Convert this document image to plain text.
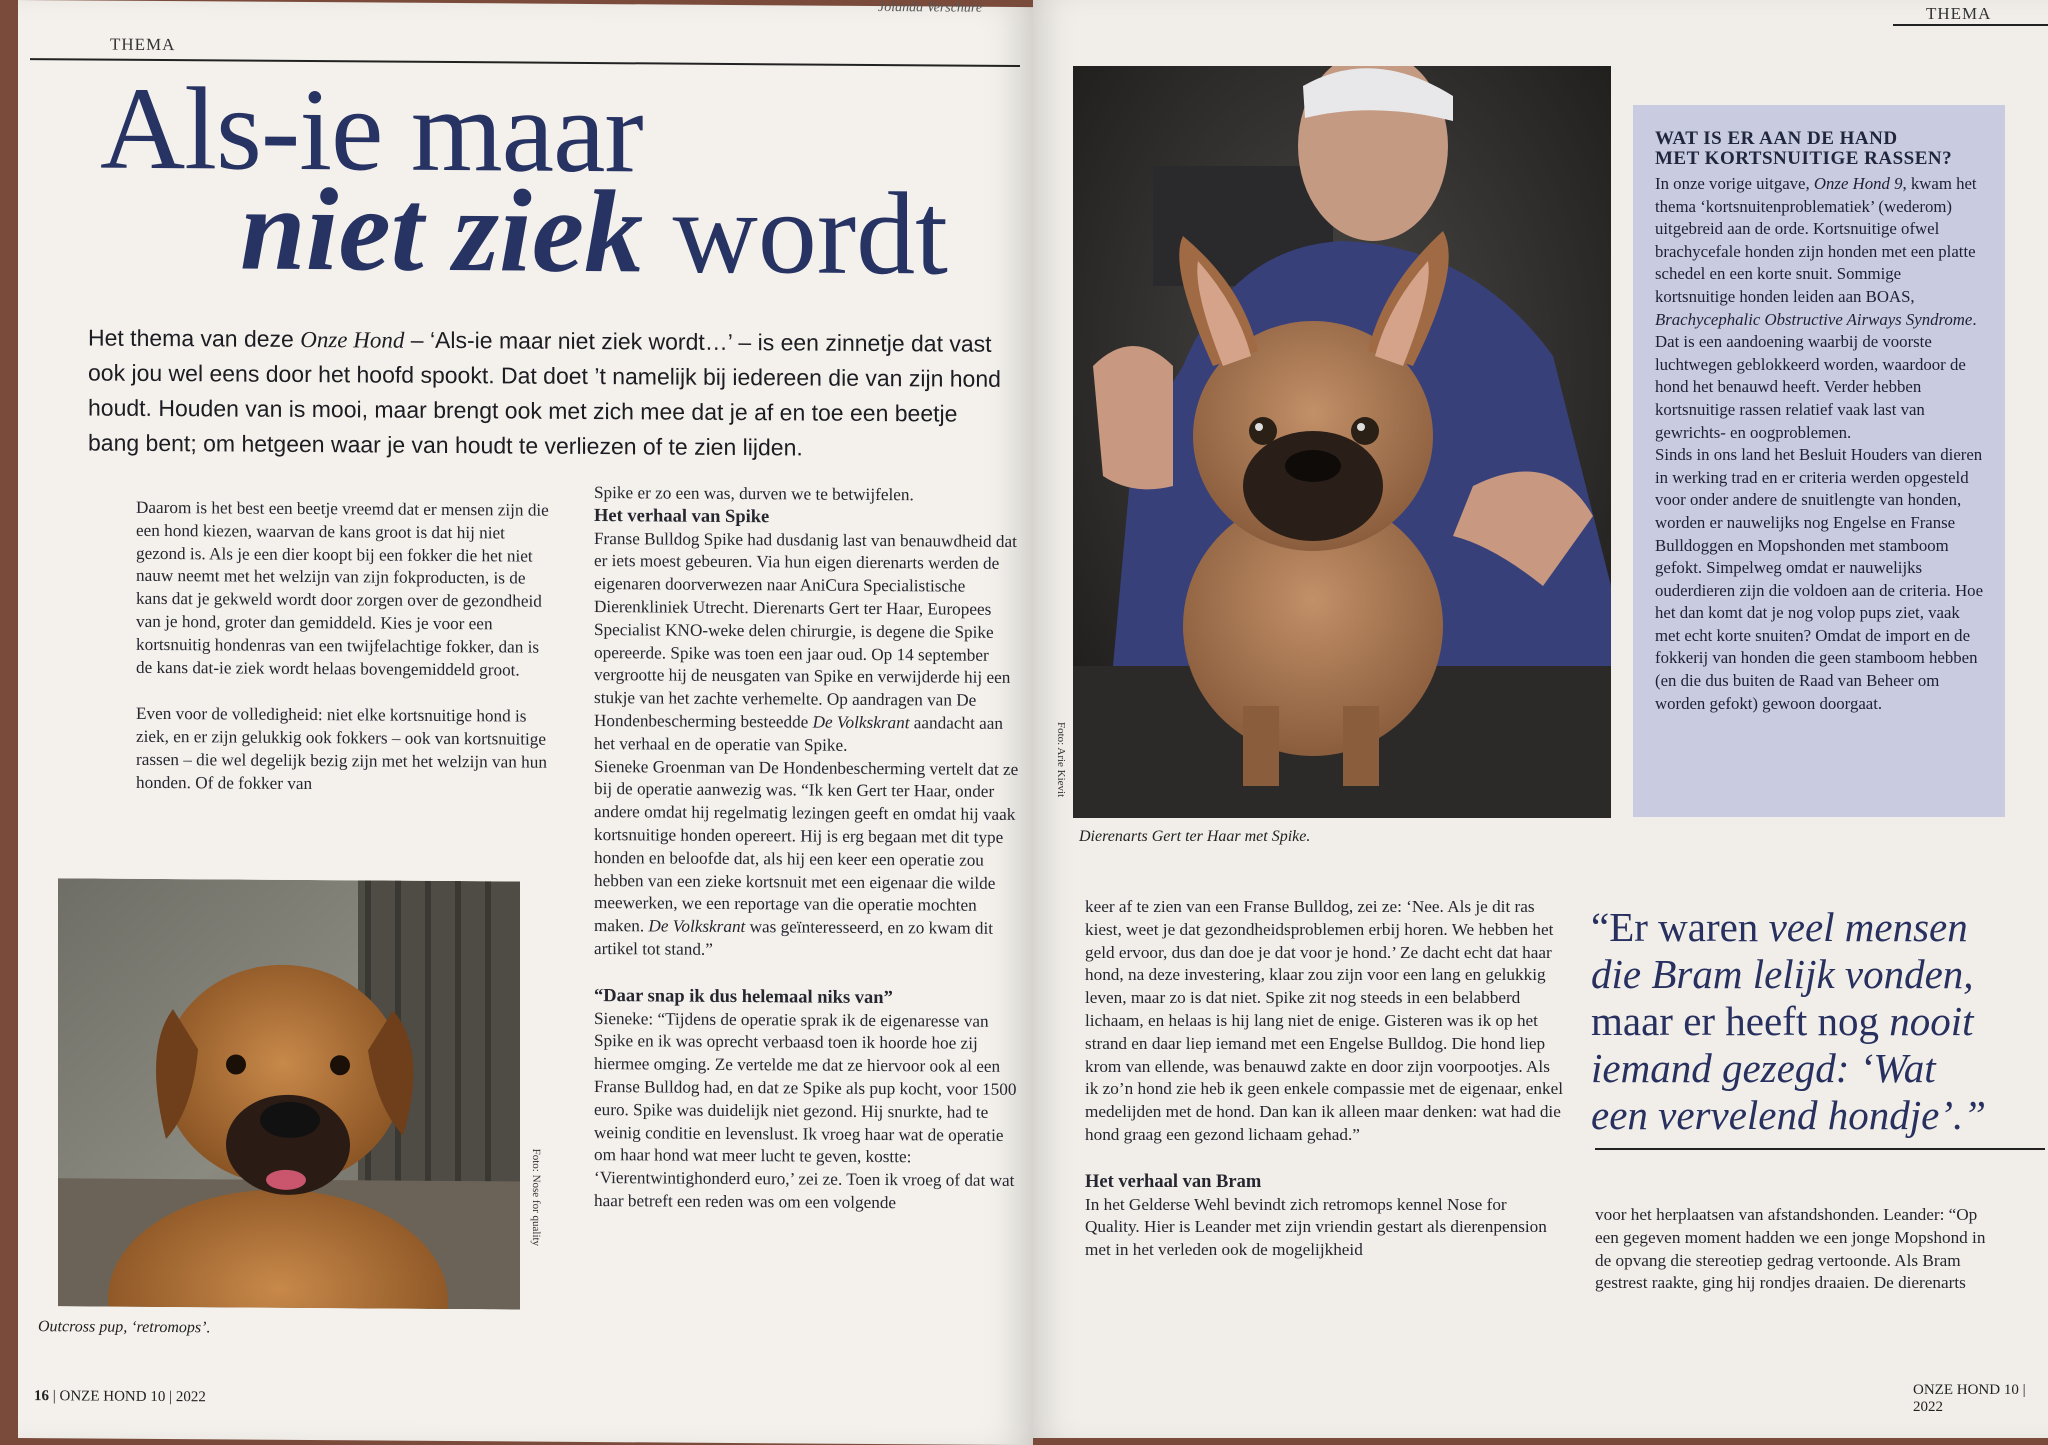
THEMA
Jolanda Verschure
Als-ie maar
niet ziek wordt
Het thema van deze Onze Hond – ‘Als-ie maar niet ziek wordt…’ – is een zinnetje dat vast ook jou wel eens door het hoofd spookt. Dat doet ’t namelijk bij iedereen die van zijn hond houdt. Houden van is mooi, maar brengt ook met zich mee dat je af en toe een beetje bang bent; om hetgeen waar je van houdt te verliezen of te zien lijden.

Daarom is het best een beetje vreemd dat er mensen zijn die een hond kiezen, waarvan de kans groot is dat hij niet gezond is. Als je een dier koopt bij een fokker die het niet nauw neemt met het welzijn van zijn fokproducten, is de kans dat je gekweld wordt door zorgen over de gezondheid van je hond, groter dan gemiddeld. Kies je voor een kortsnuitig hondenras van een twijfelachtige fokker, dan is de kans dat-ie ziek wordt helaas bovengemiddeld groot.

Even voor de volledigheid: niet elke kortsnuitige hond is ziek, en er zijn gelukkig ook fokkers – ook van kortsnuitige rassen – die wel degelijk bezig zijn met het welzijn van hun honden. Of de fokker van

Foto: Nose for quality
Outcross pup, ‘retromops’.

Spike er zo een was, durven we te betwijfelen.

Het verhaal van Spike

Franse Bulldog Spike had dusdanig last van benauwdheid dat er iets moest gebeuren. Via hun eigen dierenarts werden de eigenaren doorverwezen naar AniCura Specialistische Dierenkliniek Utrecht. Dierenarts Gert ter Haar, Europees Specialist KNO-weke delen chirurgie, is degene die Spike opereerde. Spike was toen een jaar oud. Op 14 september vergrootte hij de neusgaten van Spike en verwijderde hij een stukje van het zachte verhemelte. Op aandragen van De Hondenbescherming besteedde De Volkskrant aandacht aan het verhaal en de operatie van Spike.

Sieneke Groenman van De Hondenbescherming vertelt dat ze bij de operatie aanwezig was. “Ik ken Gert ter Haar, onder andere omdat hij regelmatig lezingen geeft en omdat hij vaak kortsnuitige honden opereert. Hij is erg begaan met dit type honden en beloofde dat, als hij een keer een operatie zou hebben van een zieke kortsnuit met een eigenaar die wilde meewerken, we een reportage van die operatie mochten maken. De Volkskrant was geïnteresseerd, en zo kwam dit artikel tot stand.”

“Daar snap ik dus helemaal niks van”

Sieneke: “Tijdens de operatie sprak ik de eigenaresse van Spike en ik was oprecht verbaasd toen ik hoorde hoe zij hiermee omging. Ze vertelde me dat ze hiervoor ook al een Franse Bulldog had, en dat ze Spike als pup kocht, voor 1500 euro. Spike was duidelijk niet gezond. Hij snurkte, had te weinig conditie en levenslust. Ik vroeg haar wat de operatie om haar hond wat meer lucht te geven, kostte: ‘Vierentwintighonderd euro,’ zei ze. Toen ik vroeg of dat wat haar betreft een reden was om een volgende

16 | ONZE HOND 10 | 2022
THEMA
Foto: Arie Kievit
Dierenarts Gert ter Haar met Spike.
WAT IS ER AAN DE HAND
MET KORTSNUITIGE RASSEN?

In onze vorige uitgave, Onze Hond 9, kwam het thema ‘kortsnuitenproblematiek’ (wederom) uitgebreid aan de orde. Kortsnuitige ofwel brachycefale honden zijn honden met een platte schedel en een korte snuit. Sommige kortsnuitige honden leiden aan BOAS, Brachycephalic Obstructive Airways Syndrome. Dat is een aandoening waarbij de voorste luchtwegen geblokkeerd worden, waardoor de hond het benauwd heeft. Verder hebben kortsnuitige rassen relatief vaak last van gewrichts- en oogproblemen.

Sinds in ons land het Besluit Houders van dieren in werking trad en er criteria werden opgesteld voor onder andere de snuitlengte van honden, worden er nauwelijks nog Engelse en Franse Bulldoggen en Mopshonden met stamboom gefokt. Simpelweg omdat er nauwelijks ouderdieren zijn die voldoen aan de criteria. Hoe het dan komt dat je nog volop pups ziet, vaak met echt korte snuiten? Omdat de import en de fokkerij van honden die geen stamboom hebben (en die dus buiten de Raad van Beheer om worden gefokt) gewoon doorgaat.

keer af te zien van een Franse Bulldog, zei ze: ‘Nee. Als je dit ras kiest, weet je dat gezondheidsproblemen erbij horen. We hebben het geld ervoor, dus dan doe je dat voor je hond.’ Ze dacht echt dat haar hond, na deze investering, klaar zou zijn voor een lang en gelukkig leven, maar zo is dat niet. Spike zit nog steeds in een belabberd lichaam, en helaas is hij lang niet de enige. Gisteren was ik op het strand en daar liep iemand met een Engelse Bulldog. Die hond liep krom van ellende, was benauwd zakte en door zijn voorpootjes. Als ik zo’n hond zie heb ik geen enkele compassie met de eigenaar, enkel medelijden met de hond. Dan kan ik alleen maar denken: wat had die hond graag een gezond lichaam gehad.”

Het verhaal van Bram

In het Gelderse Wehl bevindt zich retromops kennel Nose for Quality. Hier is Leander met zijn vriendin gestart als dierenpension met in het verleden ook de mogelijkheid

“Er waren veel mensen
die Bram lelijk vonden,
maar er heeft nog nooit
iemand gezegd: ‘Wat
een vervelend hondje’.”

voor het herplaatsen van afstandshonden. Leander: “Op een gegeven moment hadden we een jonge Mopshond in de opvang die stereotiep gedrag vertoonde. Als Bram gestrest raakte, ging hij rondjes draaien. De dierenarts

ONZE HOND 10 | 2022
